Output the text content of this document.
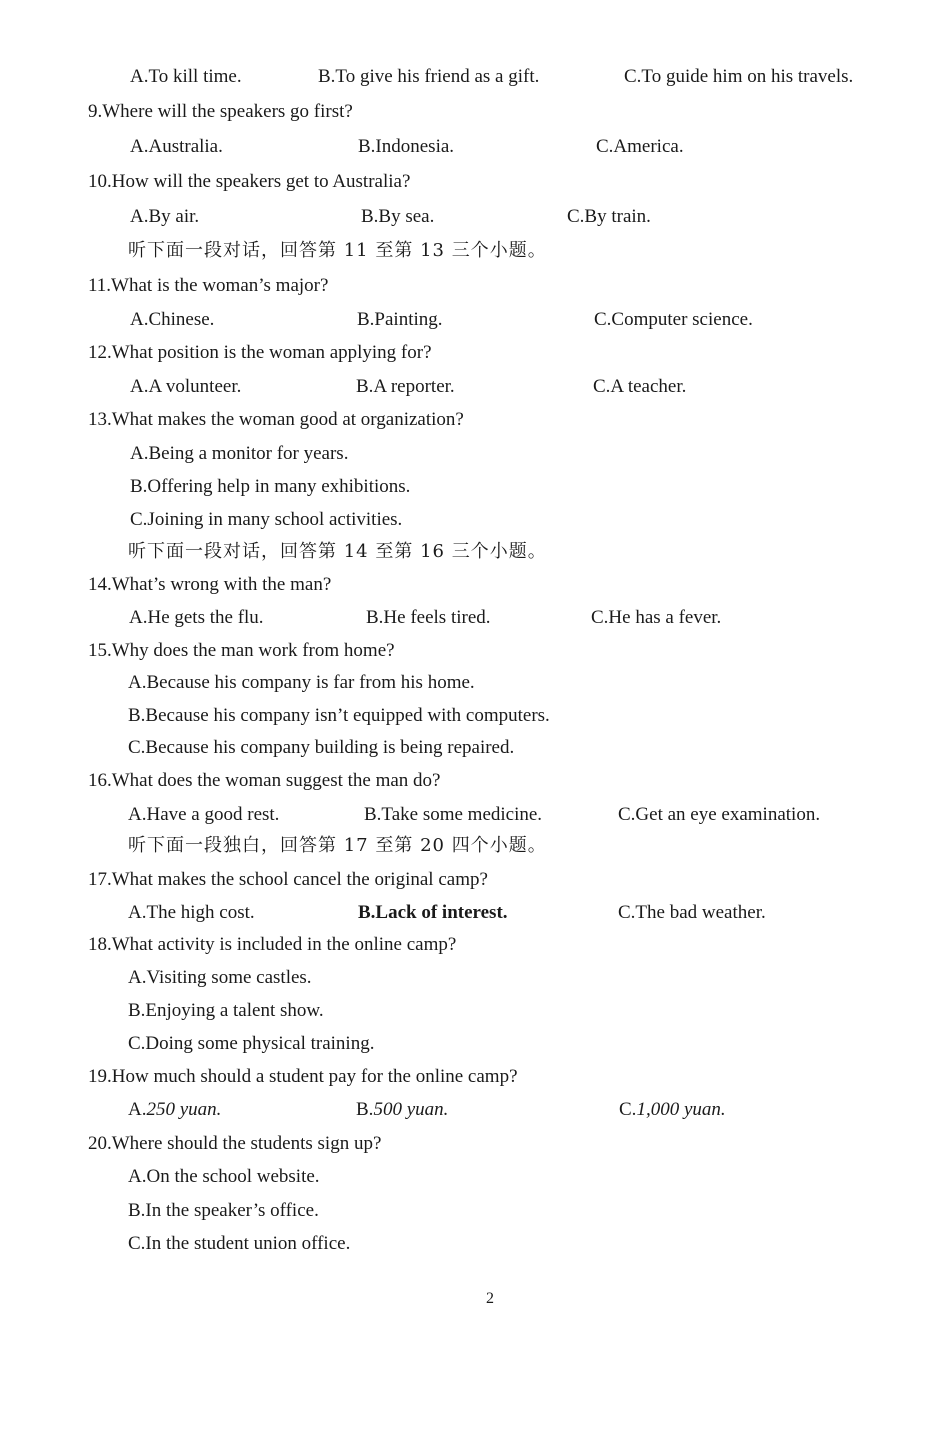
2
A.To kill time.	B.To give his friend as a gift.	C.To guide him on his travels.
9.Where will the speakers go first?
A.Australia.	B.Indonesia.	C.America.
10.How will the speakers get to Australia?
A.By air.	B.By sea.	C.By train.
听下面一段对话，回答第 11 至第 13 三个小题。
11.What is the woman’s major?
A.Chinese.	B.Painting.	C.Computer science.
12.What position is the woman applying for?
A.A volunteer.	B.A reporter.	C.A teacher.
13.What makes the woman good at organization?
A.Being a monitor for years.
B.Offering help in many exhibitions.
C.Joining in many school activities.
听下面一段对话，回答第 14 至第 16 三个小题。
14.What’s wrong with the man?
A.He gets the flu.	B.He feels tired.	C.He has a fever.
15.Why does the man work from home?
A.Because his company is far from his home.
B.Because his company isn’t equipped with computers.
C.Because his company building is being repaired.
16.What does the woman suggest the man do?
A.Have a good rest.	B.Take some medicine.	C.Get an eye examination.
听下面一段独白，回答第 17 至第 20 四个小题。
17.What makes the school cancel the original camp?
A.The high cost.	B.Lack of interest.	C.The bad weather.
18.What activity is included in the online camp?
A.Visiting some castles.
B.Enjoying a talent show.
C.Doing some physical training.
19.How much should a student pay for the online camp?
A.250 yuan.	B.500 yuan.	C.1,000 yuan.
20.Where should the students sign up?
A.On the school website.
B.In the speaker’s office.
C.In the student union office.
